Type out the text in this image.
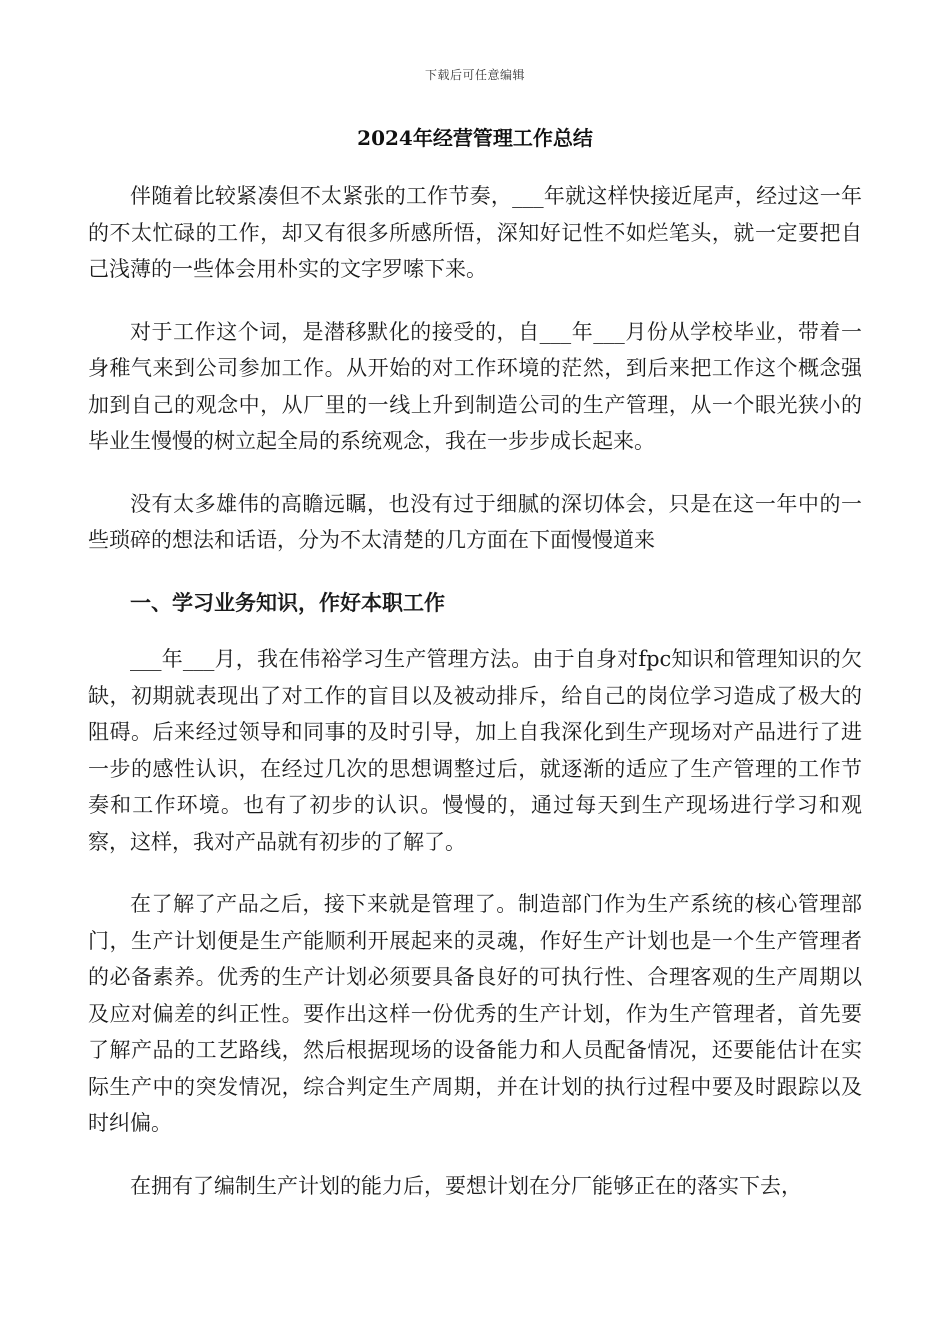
下载后可任意编辑
2024年经营管理工作总结

伴随着比较紧凑但不太紧张的工作节奏，___年就这样快接近尾声，经过这一年的不太忙碌的工作，却又有很多所感所悟，深知好记性不如烂笔头，就一定要把自己浅薄的一些体会用朴实的文字罗嗦下来。

对于工作这个词，是潜移默化的接受的，自___年___月份从学校毕业，带着一身稚气来到公司参加工作。从开始的对工作环境的茫然，到后来把工作这个概念强加到自己的观念中，从厂里的一线上升到制造公司的生产管理，从一个眼光狭小的毕业生慢慢的树立起全局的系统观念，我在一步步成长起来。

没有太多雄伟的高瞻远瞩，也没有过于细腻的深切体会，只是在这一年中的一些琐碎的想法和话语，分为不太清楚的几方面在下面慢慢道来

一、学习业务知识，作好本职工作

___年___月，我在伟裕学习生产管理方法。由于自身对fpc知识和管理知识的欠缺，初期就表现出了对工作的盲目以及被动排斥，给自己的岗位学习造成了极大的阻碍。后来经过领导和同事的及时引导，加上自我深化到生产现场对产品进行了进一步的感性认识，在经过几次的思想调整过后，就逐渐的适应了生产管理的工作节奏和工作环境。也有了初步的认识。慢慢的，通过每天到生产现场进行学习和观察，这样，我对产品就有初步的了解了。

在了解了产品之后，接下来就是管理了。制造部门作为生产系统的核心管理部门，生产计划便是生产能顺利开展起来的灵魂，作好生产计划也是一个生产管理者的必备素养。优秀的生产计划必须要具备良好的可执行性、合理客观的生产周期以及应对偏差的纠正性。要作出这样一份优秀的生产计划，作为生产管理者，首先要了解产品的工艺路线，然后根据现场的设备能力和人员配备情况，还要能估计在实际生产中的突发情况，综合判定生产周期，并在计划的执行过程中要及时跟踪以及时纠偏。

在拥有了编制生产计划的能力后，要想计划在分厂能够正在的落实下去，
